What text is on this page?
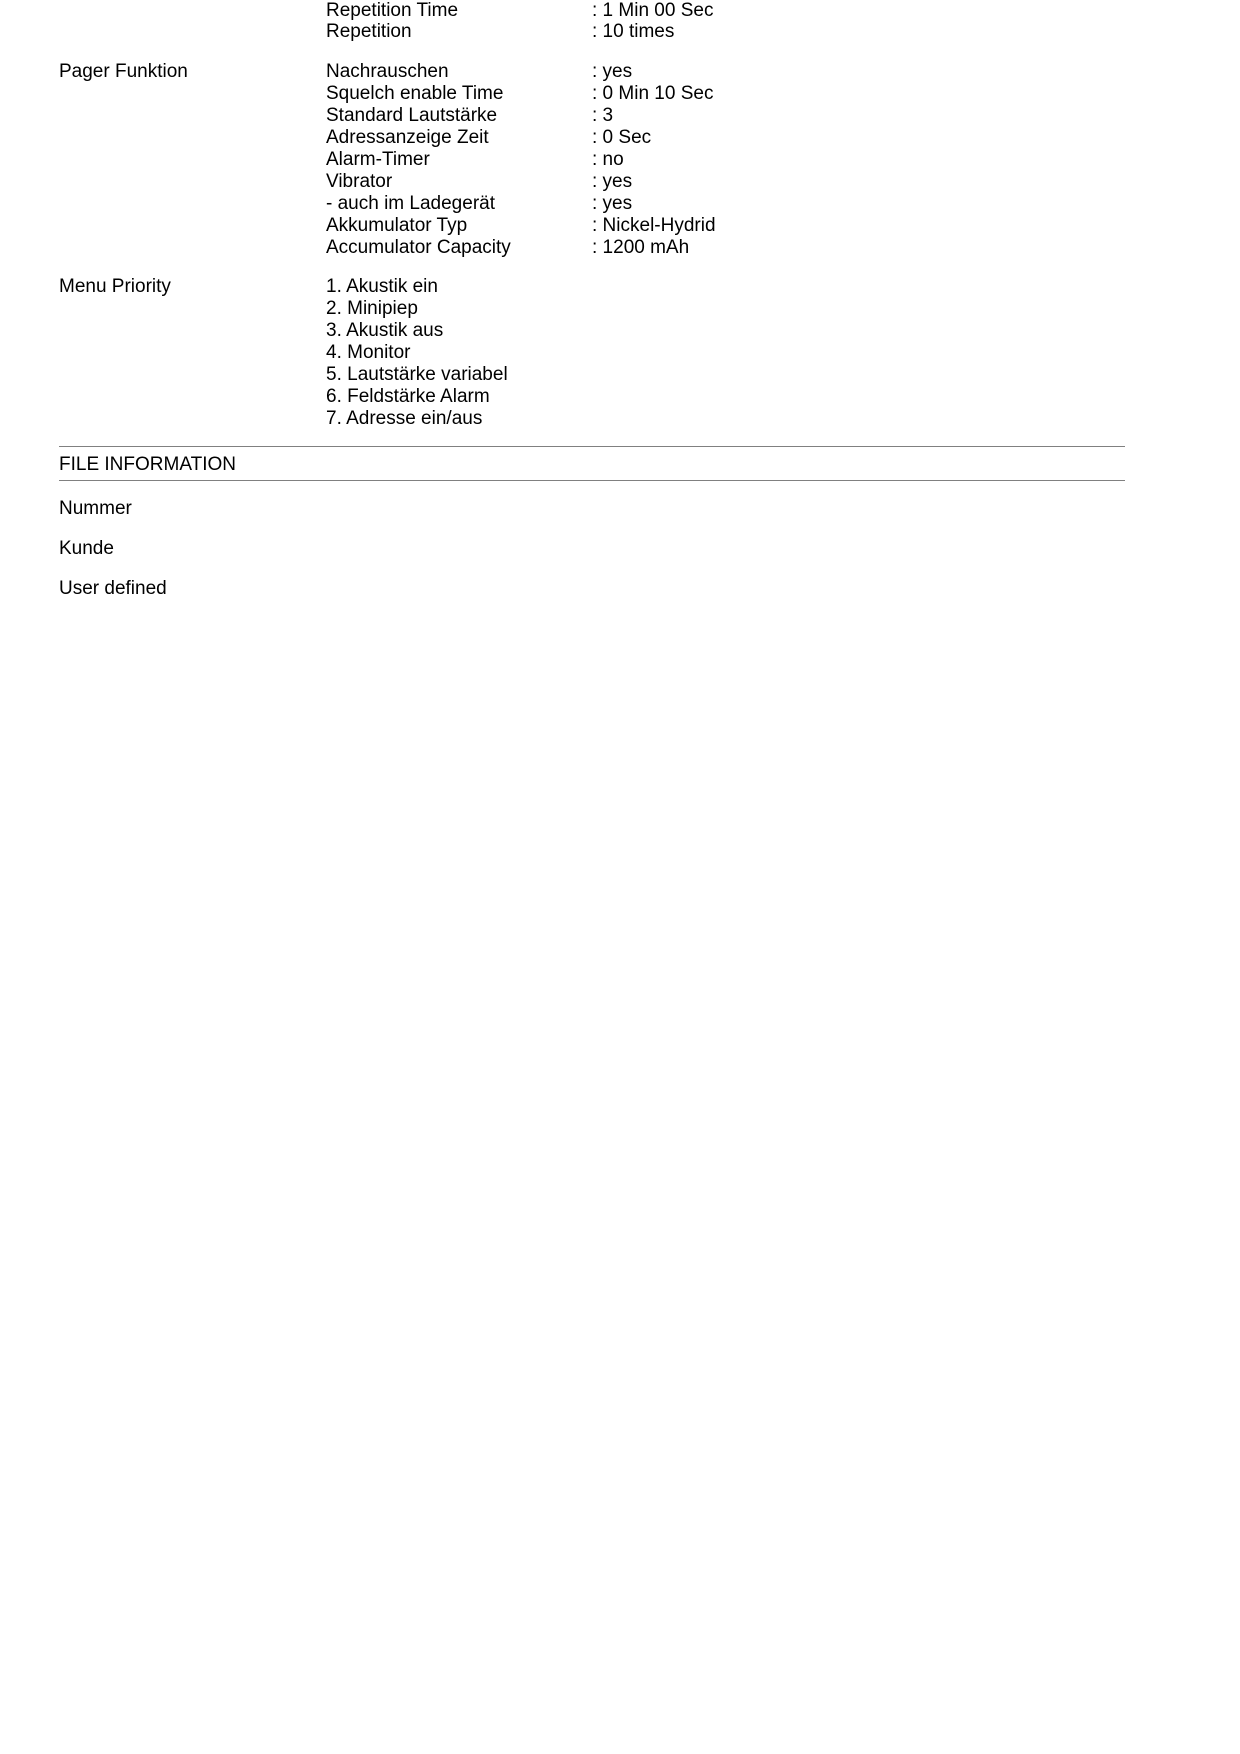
Repetition Time	: 1 Min 00 Sec
Repetition	: 10 times
Pager Funktion	Nachrauschen	: yes
Squelch enable Time	: 0 Min 10 Sec
Standard Lautstärke	: 3
Adressanzeige Zeit	: 0 Sec
Alarm-Timer	: no
Vibrator	: yes
- auch im Ladegerät	: yes
Akkumulator Typ	: Nickel-Hydrid
Accumulator Capacity	: 1200 mAh
Menu Priority	1. Akustik ein
2. Minipiep
3. Akustik aus
4. Monitor
5. Lautstärke variabel
6. Feldstärke Alarm
7. Adresse ein/aus
FILE INFORMATION
Nummer
Kunde
User defined
